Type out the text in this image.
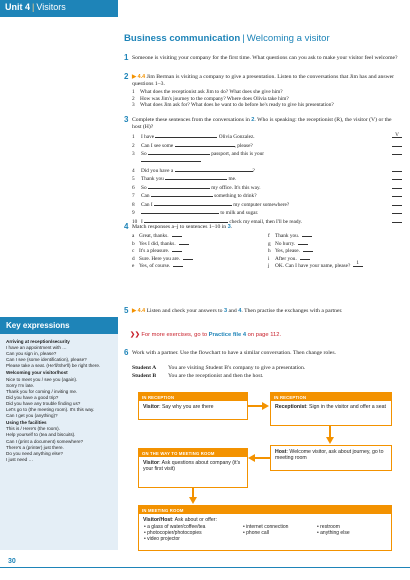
Unit 4 | Visitors
Key expressions
Arriving at reception/security
I have an appointment with …
Can you sign in, please?
Can I see (some identification), please?
Please take a seat. (He'll/She'll) be right there.
Welcoming your visitor/host
Nice to meet you / see you (again).
Sorry I'm late.
Thank you for coming / inviting me.
Did you have a good trip?
Did you have any trouble finding us?
Let's go to (the meeting room). It's this way.
Can I get you (anything)?
Using the facilities
This is / Here's (the room).
Help yourself to (tea and biscuits).
Can I (print a document) somewhere?
There's a (printer) just there.
Do you need anything else?
I just need …
30
Business communication | Welcoming a visitor
1 Someone is visiting your company for the first time. What questions can you ask to make your visitor feel welcome?
2 ▶ 4.4 Jim Berman is visiting a company to give a presentation. Listen to the conversations that Jim has and answer questions 1–3.
1 What does the receptionist ask Jim to do? What does she give him?
2 How was Jim's journey to the company? Where does Olivia take him?
3 What does Jim ask for? What does he want to do before he's ready to give his presentation?
3 Complete these sentences from the conversations in 2. Who is speaking: the receptionist (R), the visitor (V) or the host (H)?
1 I have	Olivia Gonzalez.	V
2 Can I see some	, please?
3 So	passport, and this is your
4 Did you have a	?
5 Thank you	me.
6 So	my office. It's this way.
7 Can	something to drink?
8 Can I	my computer somewhere?
9	to milk and sugar.
10 I	check my email, then I'll be ready.
4 Match responses a–j to sentences 1–10 in 3.
a Great, thanks.
b Yes I did, thanks.
c It's a pleasure.
d Sure. Here you are.
e Yes, of course.
f Thank you.
g No hurry.
h Yes, please.
i After you.
j OK. Can I have your name, please? 1
5 ▶ 4.4 Listen and check your answers to 3 and 4. Then practise the exchanges with a partner.
❯❯ For more exercises, go to Practice file 4 on page 112.
6 Work with a partner. Use the flowchart to have a similar conversation. Then change roles.
Student A You are visiting Student B's company to give a presentation.
Student B You are the receptionist and then the host.
IN RECEPTION
Visitor: Say why you are there
IN RECEPTION
Receptionist: Sign in the visitor and offer a seat
Host: Welcome visitor, ask about journey, go to meeting room
ON THE WAY TO MEETING ROOM
Visitor: Ask questions about company (it's your first visit)
IN MEETING ROOM
Visitor/Host: Ask about or offer:
• a glass of water/coffee/tea
• photocopier/photocopies
• video projector
• internet connection
• phone call
• restroom
• anything else
